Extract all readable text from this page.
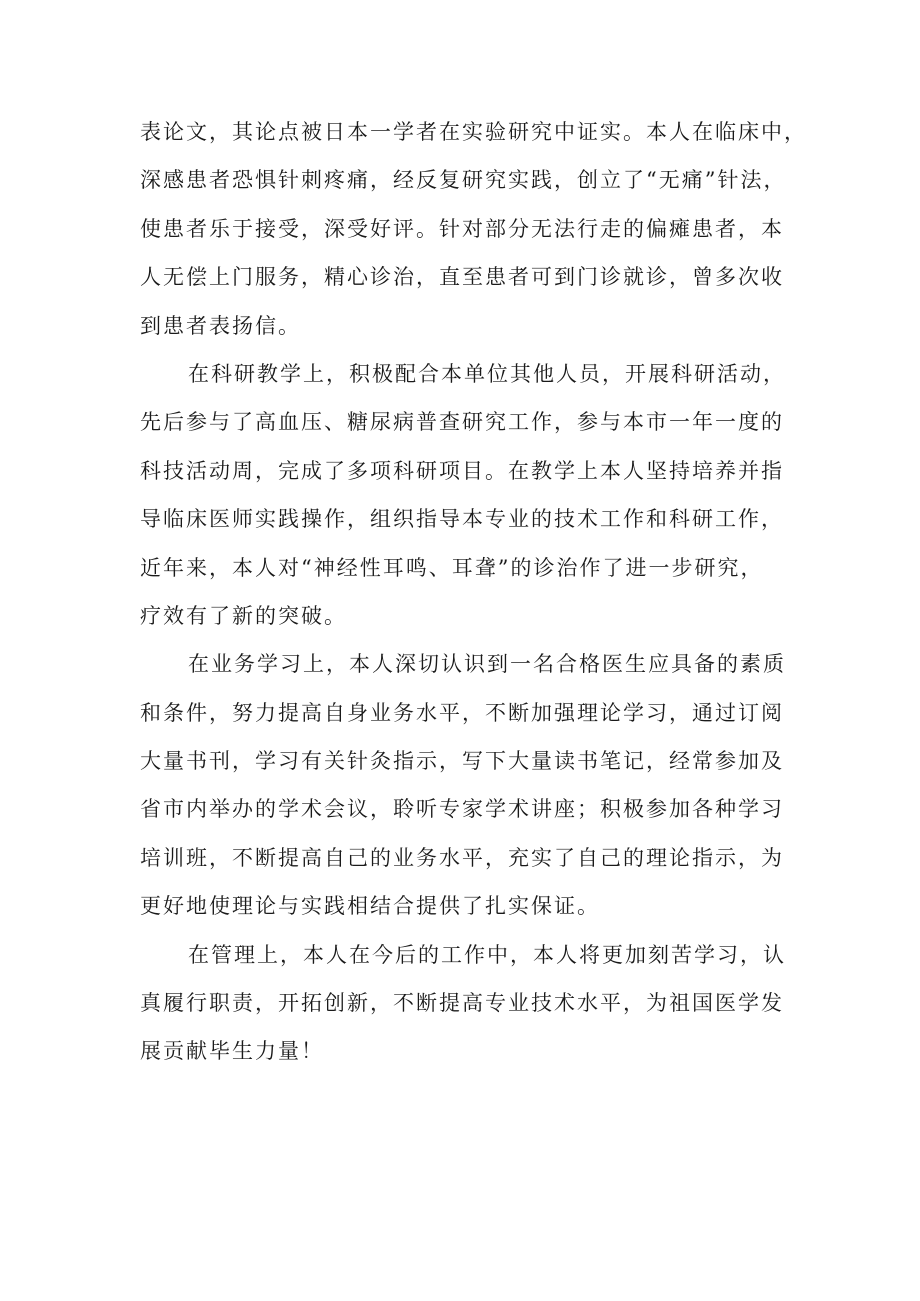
表论文，其论点被日本一学者在实验研究中证实。本人在临床中，
深感患者恐惧针刺疼痛，经反复研究实践，创立了“无痛”针法，
使患者乐于接受，深受好评。针对部分无法行走的偏瘫患者，本
人无偿上门服务，精心诊治，直至患者可到门诊就诊，曾多次收
到患者表扬信。
在科研教学上，积极配合本单位其他人员，开展科研活动，
先后参与了高血压、糖尿病普查研究工作，参与本市一年一度的
科技活动周，完成了多项科研项目。在教学上本人坚持培养并指
导临床医师实践操作，组织指导本专业的技术工作和科研工作，
近年来，本人对“神经性耳鸣、耳聋”的诊治作了进一步研究，
疗效有了新的突破。
在业务学习上，本人深切认识到一名合格医生应具备的素质
和条件，努力提高自身业务水平，不断加强理论学习，通过订阅
大量书刊，学习有关针灸指示，写下大量读书笔记，经常参加及
省市内举办的学术会议，聆听专家学术讲座；积极参加各种学习
培训班，不断提高自己的业务水平，充实了自己的理论指示，为
更好地使理论与实践相结合提供了扎实保证。
在管理上，本人在今后的工作中，本人将更加刻苦学习，认
真履行职责，开拓创新，不断提高专业技术水平，为祖国医学发
展贡献毕生力量！
